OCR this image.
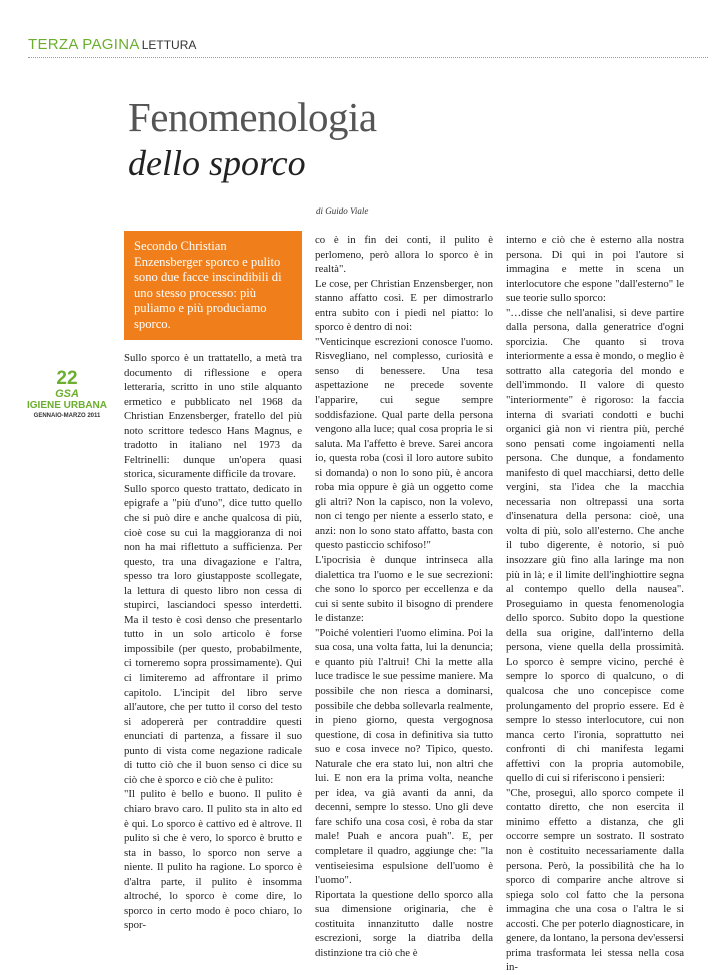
TERZA PAGINA LETTURA
Fenomenologia
dello sporco
di Guido Viale
Secondo Christian Enzensberger sporco e pulito sono due facce inscindibili di uno stesso processo: più puliamo e più produciamo sporco.
22
GSA
IGIENE URBANA
GENNAIO-MARZO 2011

Sullo sporco è un trattatello, a metà tra documento di riflessione e opera letteraria, scritto in uno stile alquanto ermetico e pubblicato nel 1968 da Christian Enzensberger, fratello del più noto scrittore tedesco Hans Magnus, e tradotto in italiano nel 1973 da Feltrinelli: dunque un'opera quasi storica, sicuramente difficile da trovare.

Sullo sporco questo trattato, dedicato in epigrafe a "più d'uno", dice tutto quello che si può dire e anche qualcosa di più, cioè cose su cui la maggioranza di noi non ha mai riflettuto a sufficienza. Per questo, tra una divagazione e l'altra, spesso tra loro giustapposte scollegate, la lettura di questo libro non cessa di stupirci, lasciandoci spesso interdetti. Ma il testo è così denso che presentarlo tutto in un solo articolo è forse impossibile (per questo, probabilmente, ci torneremo sopra prossimamente). Qui ci limiteremo ad affrontare il primo capitolo. L'incipit del libro serve all'autore, che per tutto il corso del testo si adopererà per contraddire questi enunciati di partenza, a fissare il suo punto di vista come negazione radicale di tutto ciò che il buon senso ci dice su ciò che è sporco e ciò che è pulito:

"Il pulito è bello e buono. Il pulito è chiaro bravo caro. Il pulito sta in alto ed è qui. Lo sporco è cattivo ed è altrove. Il pulito sì che è vero, lo sporco è brutto e sta in basso, lo sporco non serve a niente. Il pulito ha ragione. Lo sporco è d'altra parte, il pulito è insomma altroché, lo sporco è come dire, lo sporco in certo modo è poco chiaro, lo spor-

co è in fin dei conti, il pulito è perlomeno, però allora lo sporco è in realtà".

Le cose, per Christian Enzensberger, non stanno affatto così. E per dimostrarlo entra subito con i piedi nel piatto: lo sporco è dentro di noi:

"Venticinque escrezioni conosce l'uomo. Risvegliano, nel complesso, curiosità e senso di benessere. Una tesa aspettazione ne precede sovente l'apparire, cui segue sempre soddisfazione. Qual parte della persona vengono alla luce; qual cosa propria le si saluta. Ma l'affetto è breve. Sarei ancora io, questa roba (così il loro autore subito si domanda) o non lo sono più, è ancora roba mia oppure è già un oggetto come gli altri? Non la capisco, non la volevo, non ci tengo per niente a esserlo stato, e anzi: non lo sono stato affatto, basta con questo pasticcio schifoso!"

L'ipocrisia è dunque intrinseca alla dialettica tra l'uomo e le sue secrezioni: che sono lo sporco per eccellenza e da cui si sente subito il bisogno di prendere le distanze:

"Poiché volentieri l'uomo elimina. Poi la sua cosa, una volta fatta, lui la denuncia; e quanto più l'altrui! Chi la mette alla luce tradisce le sue pessime maniere. Ma possibile che non riesca a dominarsi, possibile che debba sollevarla realmente, in pieno giorno, questa vergognosa questione, di cosa in definitiva sia tutto suo e cosa invece no? Tipico, questo. Naturale che era stato lui, non altri che lui. E non era la prima volta, neanche per idea, va già avanti da anni, da decenni, sempre lo stesso. Uno gli deve fare schifo una cosa così, è roba da star male! Puah e ancora puah". E, per completare il quadro, aggiunge che: "la ventiseiesima espulsione dell'uomo è l'uomo".

Riportata la questione dello sporco alla sua dimensione originaria, che è costituita innanzitutto dalle nostre escrezioni, sorge la diatriba della distinzione tra ciò che è

interno e ciò che è esterno alla nostra persona. Di qui in poi l'autore si immagina e mette in scena un interlocutore che espone "dall'esterno" le sue teorie sullo sporco:

"…disse che nell'analisi, si deve partire dalla persona, dalla generatrice d'ogni sporcizia. Che quanto si trova interiormente a essa è mondo, o meglio è sottratto alla categoria del mondo e dell'immondo. Il valore di questo "interiormente" è rigoroso: la faccia interna di svariati condotti e buchi organici già non vi rientra più, perché sono pensati come ingoiamenti nella persona. Che dunque, a fondamento manifesto di quel macchiarsi, detto delle vergini, sta l'idea che la macchia necessaria non oltrepassi una sorta d'insenatura della persona: cioè, una volta di più, solo all'esterno. Che anche il tubo digerente, è notorio, si può insozzare giù fino alla laringe ma non più in là; e il limite dell'inghiottire segna al contempo quello della nausea". Proseguiamo in questa fenomenologia dello sporco. Subito dopo la questione della sua origine, dall'interno della persona, viene quella della prossimità. Lo sporco è sempre vicino, perché è sempre lo sporco di qualcuno, o di qualcosa che uno concepisce come prolungamento del proprio essere. Ed è sempre lo stesso interlocutore, cui non manca certo l'ironia, soprattutto nei confronti di chi manifesta legami affettivi con la propria automobile, quello di cui si riferiscono i pensieri:

"Che, proseguì, allo sporco compete il contatto diretto, che non esercita il minimo effetto a distanza, che gli occorre sempre un sostrato. Il sostrato non è costituito necessariamente dalla persona. Però, la possibilità che ha lo sporco di comparire anche altrove si spiega solo col fatto che la persona immagina che una cosa o l'altra le si accosti. Che per poterlo diagnosticare, in genere, da lontano, la persona dev'essersi prima trasformata lei stessa nella cosa in-
